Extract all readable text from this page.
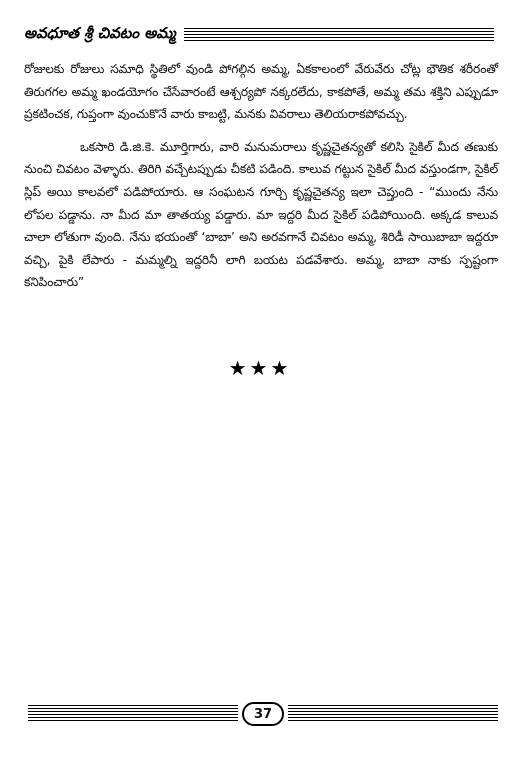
అవధూత శ్రీ చివటం అమ్మ

రోజులకు రోజులు సమాధి స్థితిలో వుండి పోగల్గిన అమ్మ, ఏకకాలంలో వేరువేరు చోట్ల భౌతిక శరీరంతో తిరుగగల అమ్మ ఖండయోగం చేసేవారంటే ఆశ్చర్యపో నక్కరలేదు, కాకపోతే, అమ్మ తమ శక్తిని ఎప్పుడూ ప్రకటించక, గుప్తంగా వుంచుకొనే వారు కాబట్టి, మనకు వివరాలు తెలియరాకపోవచ్చు.

ఒకసారి డి.జి.కె. మూర్తిగారు, వారి మనుమరాలు కృష్ణచైతన్యతో కలిసి సైకిల్ మీద తణుకు నుంచి చివటం వెళ్ళారు. తిరిగి వచ్చేటప్పుడు చీకటి పడింది. కాలువ గట్టున సైకిల్ మీద వస్తుండగా, సైకిల్ స్లిప్ అయి కాలవలో పడిపోయారు. ఆ సంఘటన గూర్చి కృష్ణచైతన్య ఇలా చెప్తుంది - “ముందు నేను లోపల పడ్డాను. నా మీద మా తాతయ్య పడ్డారు. మా ఇద్దరి మీద సైకిల్ పడిపోయింది. అక్కడ కాలువ చాలా లోతుగా వుంది. నేను భయంతో ‘బాబా’ అని అరవగానే చివటం అమ్మ, శిరిడీ సాయిబాబా ఇద్దరూ వచ్చి, పైకి లేపారు - మమ్మల్ని ఇద్దరినీ లాగి బయట పడవేశారు. అమ్మ, బాబా నాకు స్పష్టంగా కనిపించారు”

★★★
37
